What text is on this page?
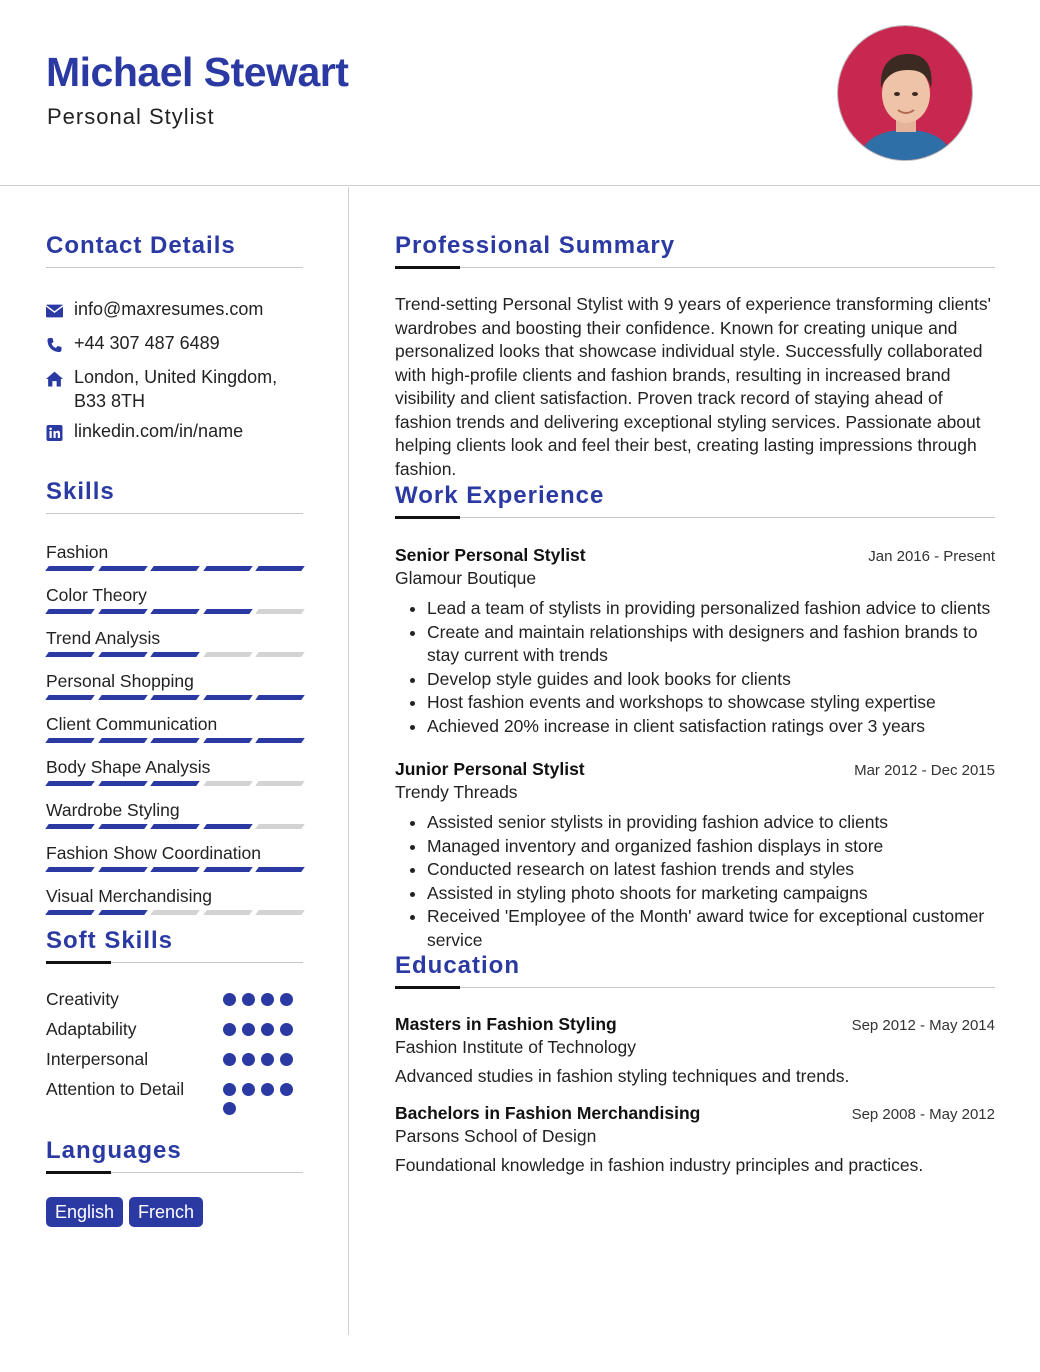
Michael Stewart
Personal Stylist
Contact Details
info@maxresumes.com
+44 307 487 6489
London, United Kingdom, B33 8TH
linkedin.com/in/name
Skills
Fashion
Color Theory
Trend Analysis
Personal Shopping
Client Communication
Body Shape Analysis
Wardrobe Styling
Fashion Show Coordination
Visual Merchandising
Soft Skills
Creativity
Adaptability
Interpersonal
Attention to Detail
Languages
English	French
Professional Summary
Trend-setting Personal Stylist with 9 years of experience transforming clients' wardrobes and boosting their confidence. Known for creating unique and personalized looks that showcase individual style. Successfully collaborated with high-profile clients and fashion brands, resulting in increased brand visibility and client satisfaction. Proven track record of staying ahead of fashion trends and delivering exceptional styling services. Passionate about helping clients look and feel their best, creating lasting impressions through fashion.
Work Experience
Senior Personal Stylist	Jan 2016 - Present
Glamour Boutique
• Lead a team of stylists in providing personalized fashion advice to clients
• Create and maintain relationships with designers and fashion brands to stay current with trends
• Develop style guides and look books for clients
• Host fashion events and workshops to showcase styling expertise
• Achieved 20% increase in client satisfaction ratings over 3 years
Junior Personal Stylist	Mar 2012 - Dec 2015
Trendy Threads
• Assisted senior stylists in providing fashion advice to clients
• Managed inventory and organized fashion displays in store
• Conducted research on latest fashion trends and styles
• Assisted in styling photo shoots for marketing campaigns
• Received 'Employee of the Month' award twice for exceptional customer service
Education
Masters in Fashion Styling	Sep 2012 - May 2014
Fashion Institute of Technology
Advanced studies in fashion styling techniques and trends.
Bachelors in Fashion Merchandising	Sep 2008 - May 2012
Parsons School of Design
Foundational knowledge in fashion industry principles and practices.
